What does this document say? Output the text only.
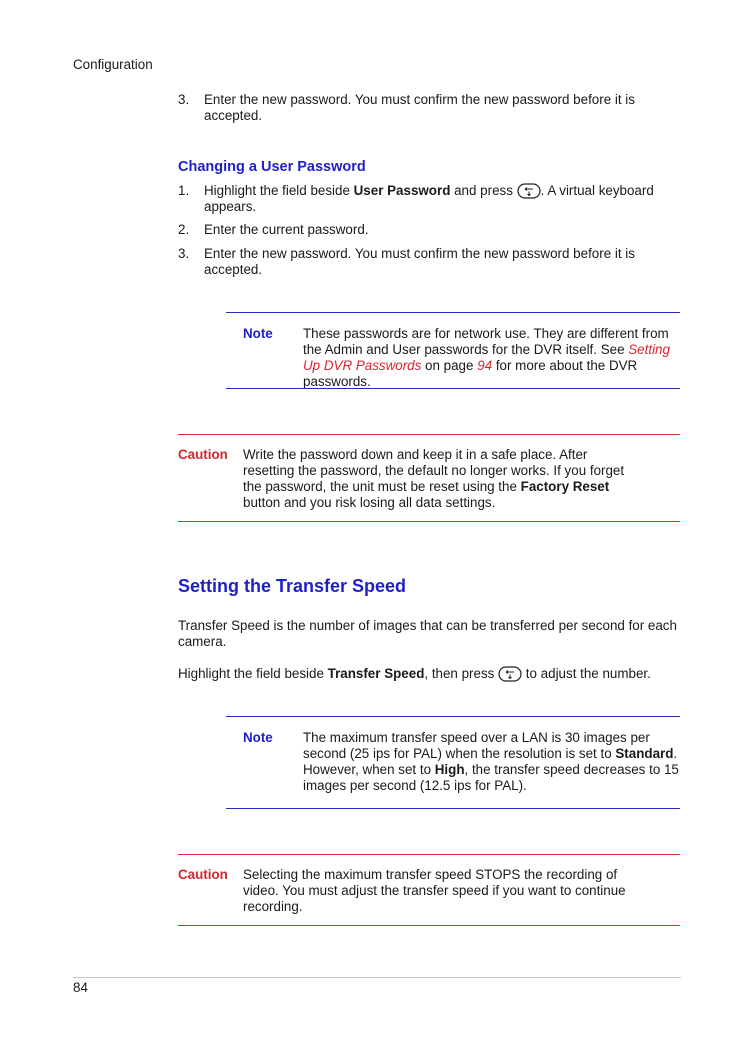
Configuration
3. Enter the new password. You must confirm the new password before it is accepted.
Changing a User Password
1. Highlight the field beside User Password and press . A virtual keyboard appears.
2. Enter the current password.
3. Enter the new password. You must confirm the new password before it is accepted.
Note These passwords are for network use. They are different from the Admin and User passwords for the DVR itself. See Setting Up DVR Passwords on page 94 for more about the DVR passwords.
Caution Write the password down and keep it in a safe place. After resetting the password, the default no longer works. If you forget the password, the unit must be reset using the Factory Reset button and you risk losing all data settings.
Setting the Transfer Speed
Transfer Speed is the number of images that can be transferred per second for each camera.
Highlight the field beside Transfer Speed, then press  to adjust the number.
Note The maximum transfer speed over a LAN is 30 images per second (25 ips for PAL) when the resolution is set to Standard. However, when set to High, the transfer speed decreases to 15 images per second (12.5 ips for PAL).
Caution Selecting the maximum transfer speed STOPS the recording of video. You must adjust the transfer speed if you want to continue recording.
84
